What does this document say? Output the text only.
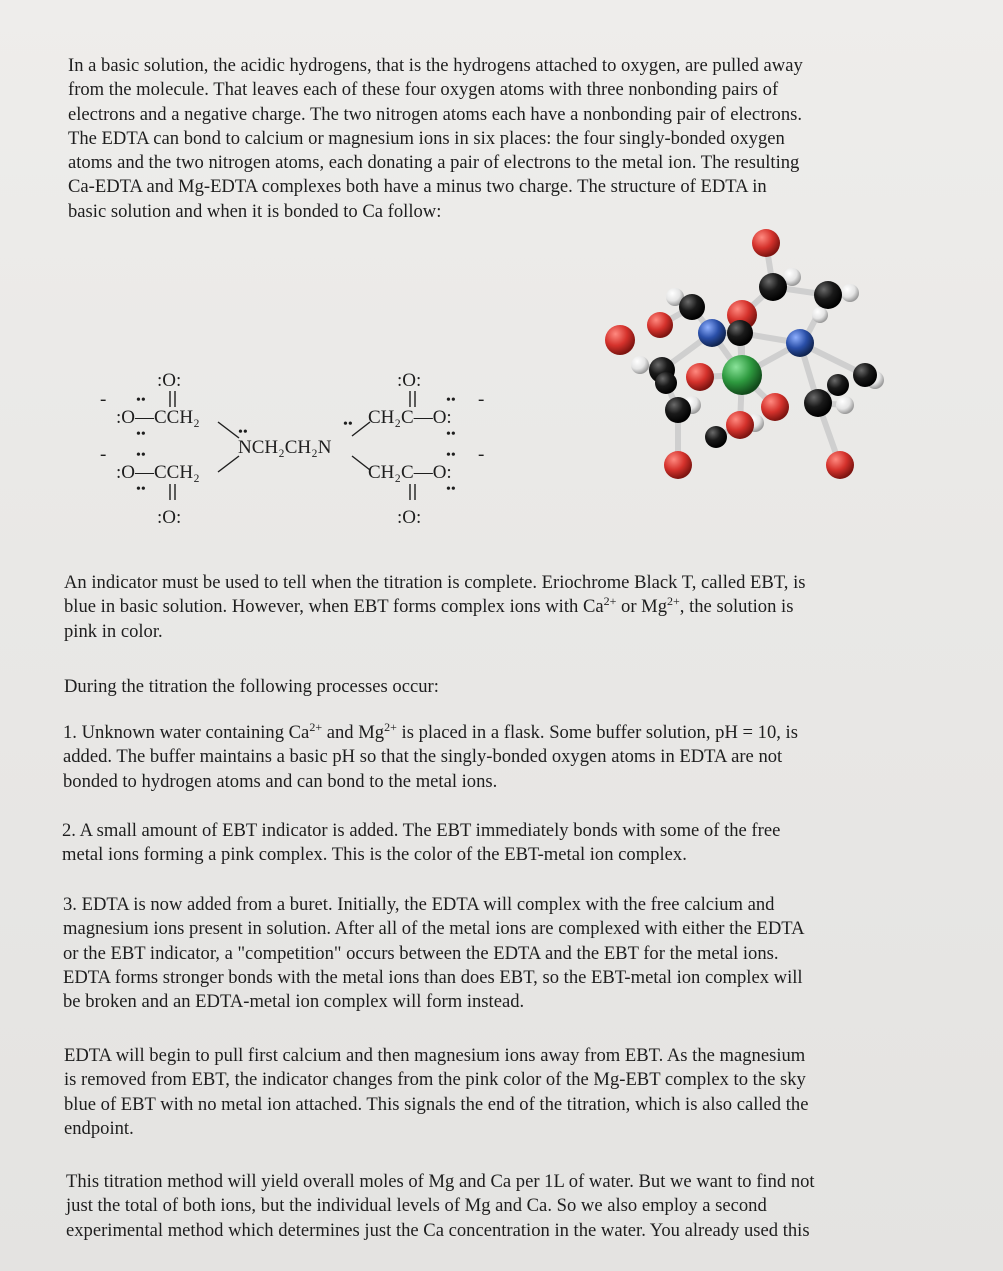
In a basic solution, the acidic hydrogens, that is the hydrogens attached to oxygen, are pulled away
from the molecule. That leaves each of these four oxygen atoms with three nonbonding pairs of
electrons and a negative charge. The two nitrogen atoms each have a nonbonding pair of electrons.
The EDTA can bond to calcium or magnesium ions in six places: the four singly-bonded oxygen
atoms and the two nitrogen atoms, each donating a pair of electrons to the metal ion. The resulting
Ca-EDTA and Mg-EDTA complexes both have a minus two charge. The structure of EDTA in
basic solution and when it is bonded to Ca follow:

:O:
-
:O—CCH₂
••
••
-
:O—CCH₂
••
••
:O:
••
NCH₂CH₂N
••
:O:
CH₂C—O:
••
••
-
CH₂C—O:
••
••
-
:O:

An indicator must be used to tell when the titration is complete. Eriochrome Black T, called EBT, is
blue in basic solution. However, when EBT forms complex ions with $Ca^{2+}$ or $Mg^{2+}$, the solution is
pink in color.

During the titration the following processes occur:

1. Unknown water containing $Ca^{2+}$ and $Mg^{2+}$ is placed in a flask. Some buffer solution, pH = 10, is
added. The buffer maintains a basic pH so that the singly-bonded oxygen atoms in EDTA are not
bonded to hydrogen atoms and can bond to the metal ions.

2. A small amount of EBT indicator is added. The EBT immediately bonds with some of the free
metal ions forming a pink complex. This is the color of the EBT-metal ion complex.

3. EDTA is now added from a buret. Initially, the EDTA will complex with the free calcium and
magnesium ions present in solution. After all of the metal ions are complexed with either the EDTA
or the EBT indicator, a "competition" occurs between the EDTA and the EBT for the metal ions.
EDTA forms stronger bonds with the metal ions than does EBT, so the EBT-metal ion complex will
be broken and an EDTA-metal ion complex will form instead.

EDTA will begin to pull first calcium and then magnesium ions away from EBT. As the magnesium
is removed from EBT, the indicator changes from the pink color of the Mg-EBT complex to the sky
blue of EBT with no metal ion attached. This signals the end of the titration, which is also called the
endpoint.

This titration method will yield overall moles of Mg and Ca per 1L of water. But we want to find not
just the total of both ions, but the individual levels of Mg and Ca. So we also employ a second
experimental method which determines just the Ca concentration in the water. You already used this
